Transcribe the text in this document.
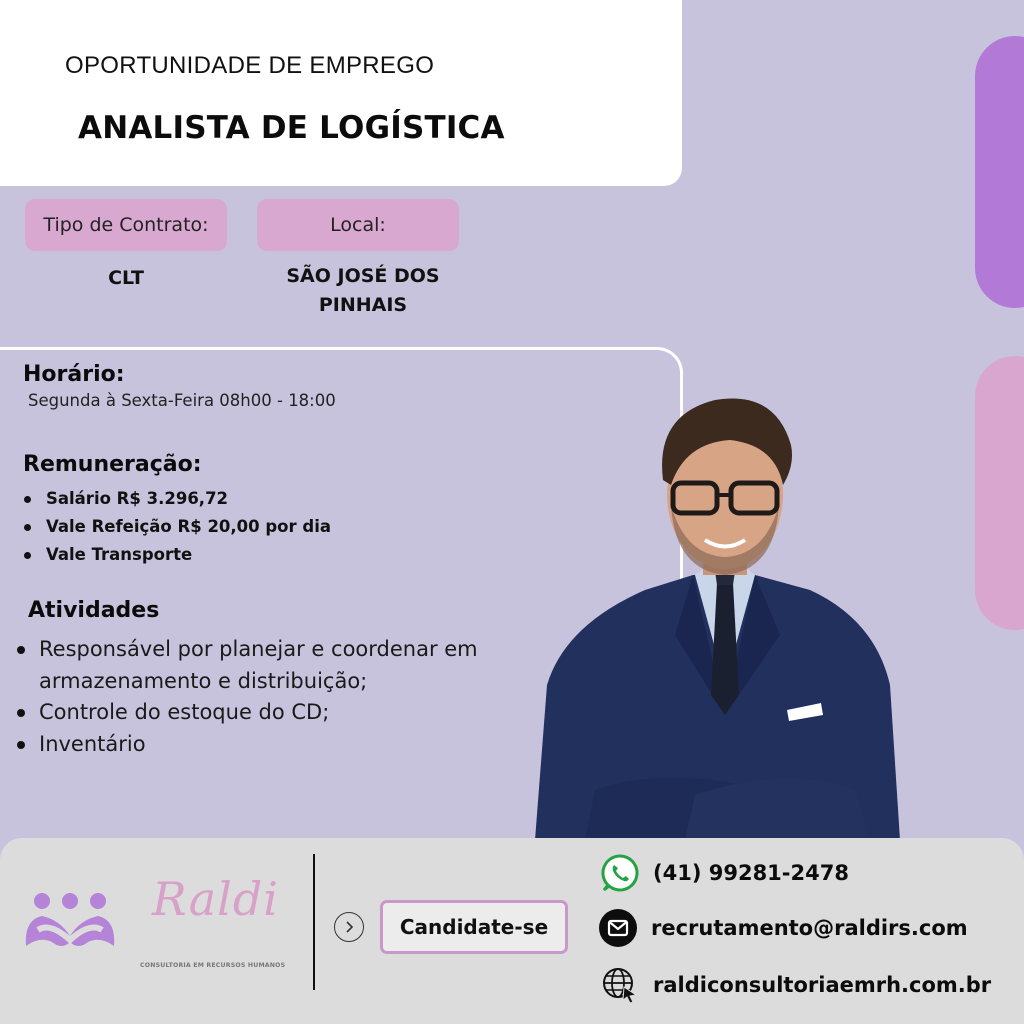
OPORTUNIDADE DE EMPREGO
ANALISTA DE LOGÍSTICA
Tipo de Contrato:	Local:
CLT	SÃO JOSÉ DOS
PINHAIS
Horário:
Segunda à Sexta-Feira 08h00 - 18:00
Remuneração:
Salário R$ 3.296,72
Vale Refeição R$ 20,00 por dia
Vale Transporte
Atividades
Responsável por planejar e coordenar em armazenamento e distribuição;
Controle do estoque do CD;
Inventário
Raldi
CONSULTORIA EM RECURSOS HUMANOS
Candidate-se
(41) 99281-2478
recrutamento@raldirs.com
raldiconsultoriaemrh.com.br
